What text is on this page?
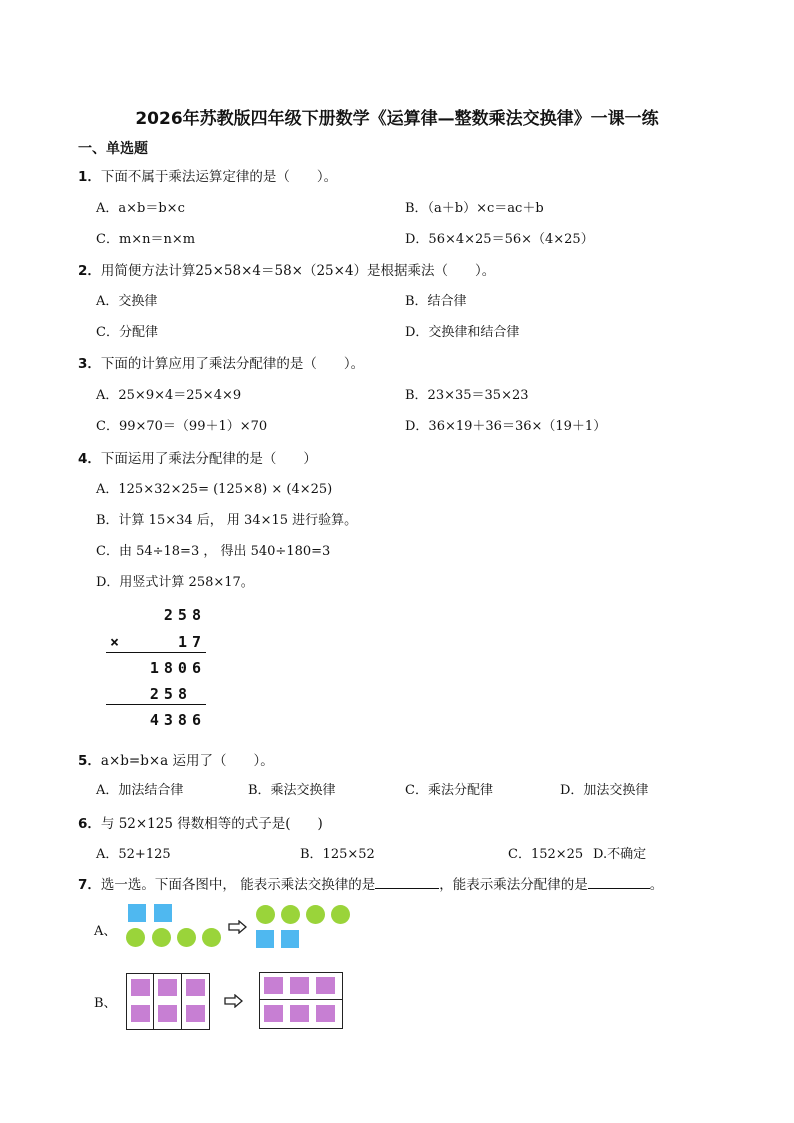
2026年苏教版四年级下册数学《运算律—整数乘法交换律》一课一练
一、单选题
1．下面不属于乘法运算定律的是（　　）。
A．a×b＝b×c	B．（a＋b）×c＝ac＋b
C．m×n＝n×m	D．56×4×25＝56×（4×25）
2．用简便方法计算25×58×4＝58×（25×4）是根据乘法（　　）。
A．交换律	B．结合律
C．分配律	D．交换律和结合律
3．下面的计算应用了乘法分配律的是（　　）。
A．25×9×4＝25×4×9	B．23×35＝35×23
C．99×70＝（99＋1）×70	D．36×19＋36＝36×（19＋1）
4．下面运用了乘法分配律的是（　　）
A．125×32×25= (125×8) × (4×25)
B．计算 15×34 后， 用 34×15 进行验算。
C．由 54÷18=3 ， 得出 540÷180=3
D．用竖式计算 258×17。
258
×	17
1806
258
4386
5．a×b=b×a 运用了（　　）。
A．加法结合律	B．乘法交换律	C．乘法分配律	D．加法交换律
6．与 52×125 得数相等的式子是(　　)
A．52+125	B．125×52	C．152×25 D.不确定
7．选一选。下面各图中， 能表示乘法交换律的是	，能表示乘法分配律的是	。
A、
B、
